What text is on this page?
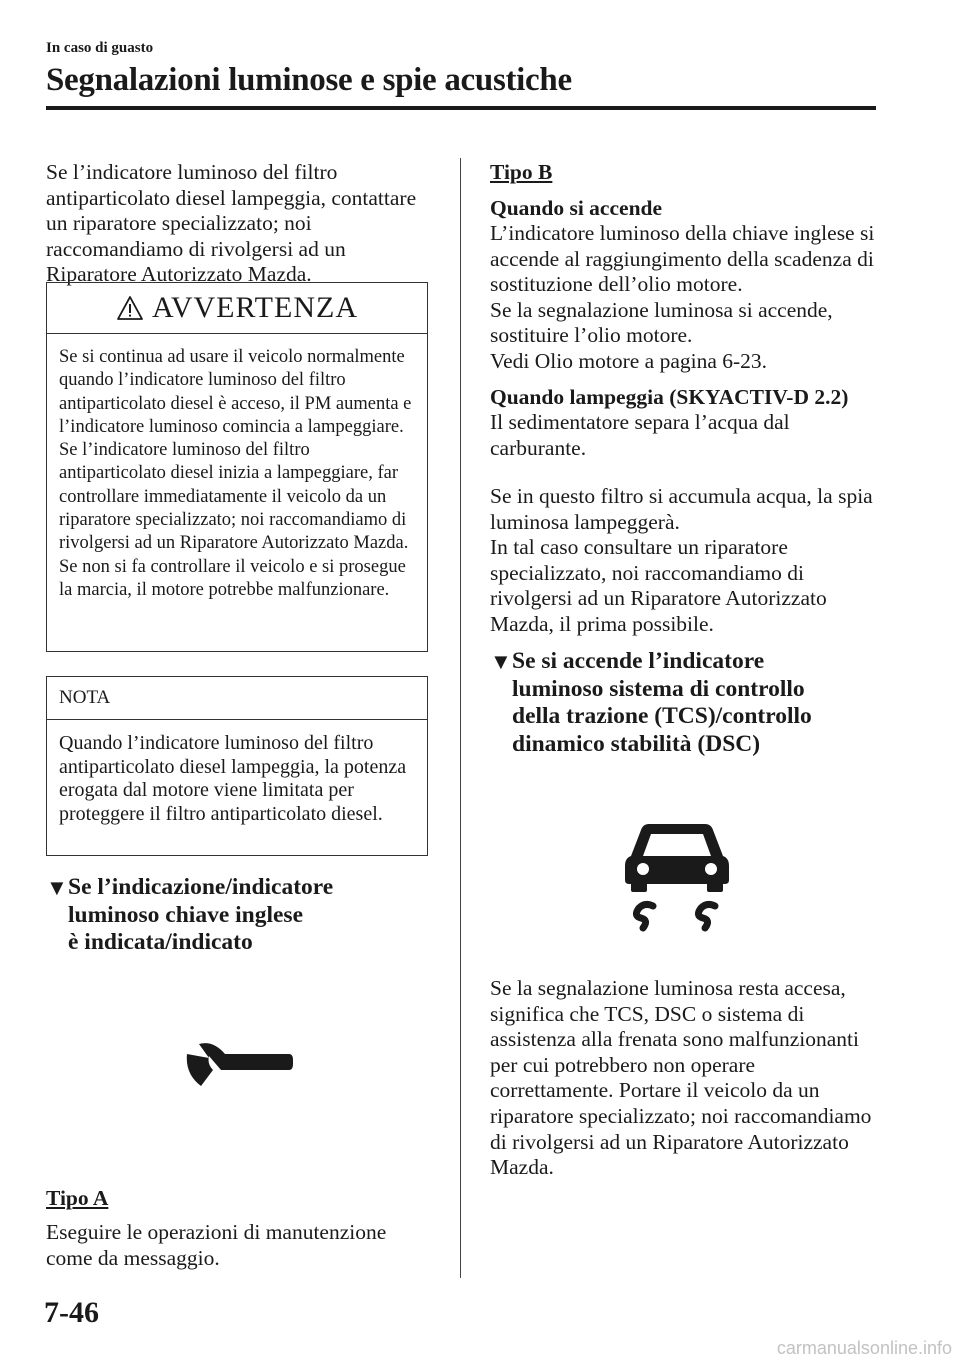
In caso di guasto
Segnalazioni luminose e spie acustiche

Se l’indicatore luminoso del filtro antiparticolato diesel lampeggia, contattare un riparatore specializzato; noi raccomandiamo di rivolgersi ad un Riparatore Autorizzato Mazda.

AVVERTENZA

Se si continua ad usare il veicolo normalmente quando l’indicatore luminoso del filtro antiparticolato diesel è acceso, il PM aumenta e l’indicatore luminoso comincia a lampeggiare. Se l’indicatore luminoso del filtro antiparticolato diesel inizia a lampeggiare, far controllare immediatamente il veicolo da un riparatore specializzato; noi raccomandiamo di rivolgersi ad un Riparatore Autorizzato Mazda. Se non si fa controllare il veicolo e si prosegue la marcia, il motore potrebbe malfunzionare.

NOTA

Quando l’indicatore luminoso del filtro antiparticolato diesel lampeggia, la potenza erogata dal motore viene limitata per proteggere il filtro antiparticolato diesel.

▼ Se l’indicazione/indicatore
luminoso chiave inglese
è indicata/indicato

Tipo A

Eseguire le operazioni di manutenzione come da messaggio.

Tipo B

Quando si accende

L’indicatore luminoso della chiave inglese si accende al raggiungimento della scadenza di sostituzione dell’olio motore.

Se la segnalazione luminosa si accende, sostituire l’olio motore.

Vedi Olio motore a pagina 6-23.

Quando lampeggia (SKYACTIV-D 2.2)

Il sedimentatore separa l’acqua dal carburante.

Se in questo filtro si accumula acqua, la spia luminosa lampeggerà.

In tal caso consultare un riparatore specializzato, noi raccomandiamo di rivolgersi ad un Riparatore Autorizzato Mazda, il prima possibile.

▼ Se si accende l’indicatore
luminoso sistema di controllo
della trazione (TCS)/controllo
dinamico stabilità (DSC)

Se la segnalazione luminosa resta accesa, significa che TCS, DSC o sistema di assistenza alla frenata sono malfunzionanti per cui potrebbero non operare correttamente. Portare il veicolo da un riparatore specializzato; noi raccomandiamo di rivolgersi ad un Riparatore Autorizzato Mazda.

7-46
carmanualsonline.info
